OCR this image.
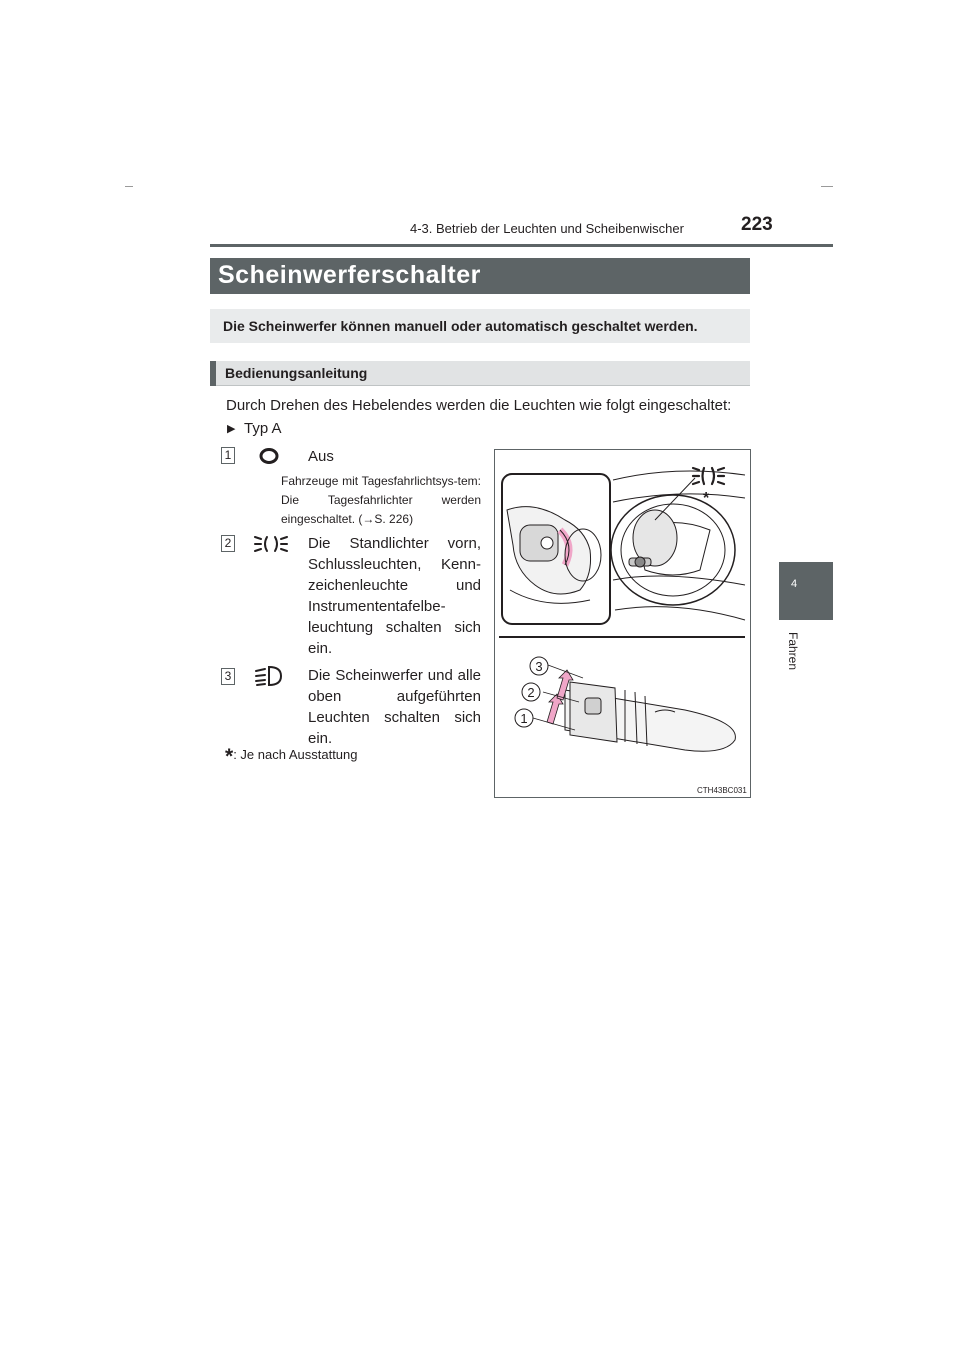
4-3. Betrieb der Leuchten und Scheibenwischer	223
4
Fahren
Scheinwerferschalter
Die Scheinwerfer können manuell oder automatisch geschaltet werden.
Bedienungsanleitung
Durch Drehen des Hebelendes werden die Leuchten wie folgt eingeschaltet:
▶ Typ A
1	Aus
Fahrzeuge mit Tagesfahrlichtsys-tem: Die Tagesfahrlichter werden eingeschaltet. (→S. 226)
2	Die Standlichter vorn, Schlussleuchten, Kenn-zeichenleuchte und Instrumententafelbe-leuchtung schalten sich ein.
3	Die Scheinwerfer und alle oben aufgeführten Leuchten schalten sich ein.
*: Je nach Ausstattung
*
1
2
3
CTH43BC031
